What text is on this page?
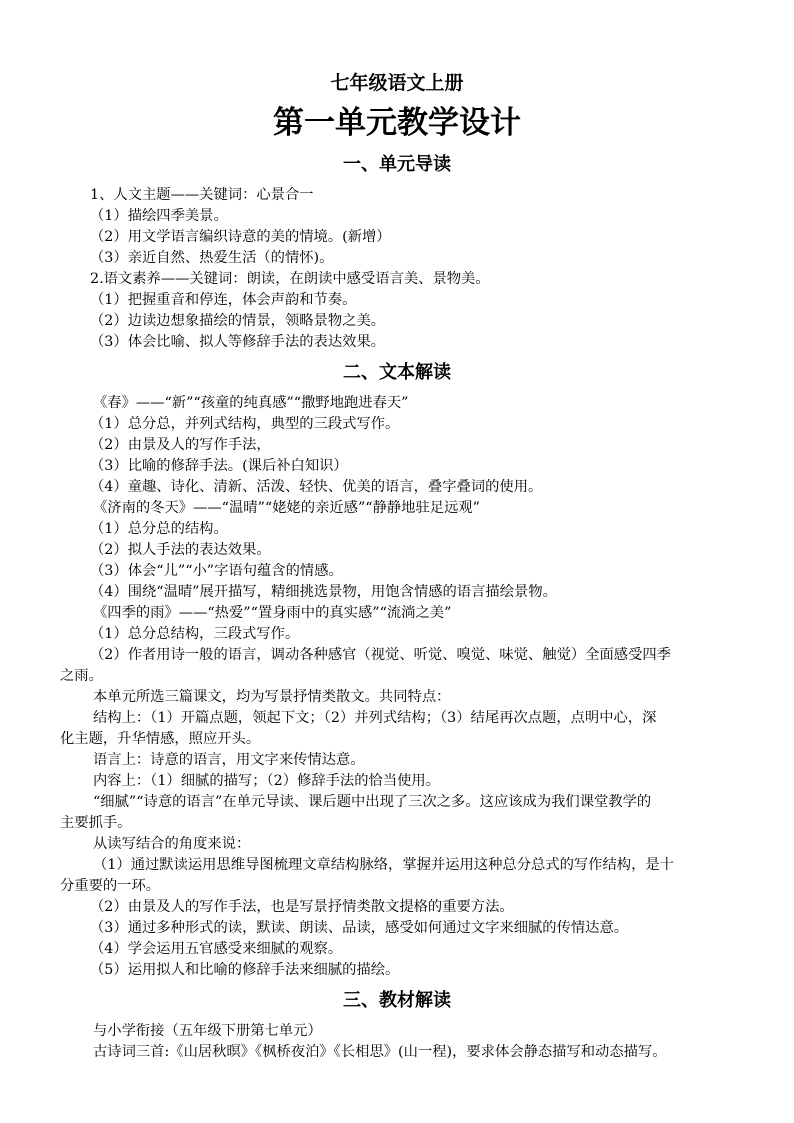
七年级语文上册
第一单元教学设计
一、单元导读
1、人文主题——关键词：心景合一
（1）描绘四季美景。
（2）用文学语言编织诗意的美的情境。(新增）
（3）亲近自然、热爱生活（的情怀)。
2.语文素养——关键词：朗读，在朗读中感受语言美、景物美。
（1）把握重音和停连，体会声韵和节奏。
（2）边读边想象描绘的情景，领略景物之美。
（3）体会比喻、拟人等修辞手法的表达效果。
二、文本解读
《春》——“新”“孩童的纯真感”“撒野地跑进春天”
（1）总分总，并列式结构，典型的三段式写作。
（2）由景及人的写作手法，
（3）比喻的修辞手法。(课后补白知识）
（4）童趣、诗化、清新、活泼、轻快、优美的语言，叠字叠词的使用。
《济南的冬天》——“温晴”“姥姥的亲近感”“静静地驻足远观”
（1）总分总的结构。
（2）拟人手法的表达效果。
（3）体会“儿”“小”字语句蕴含的情感。
（4）围绕“温晴”展开描写，精细挑选景物，用饱含情感的语言描绘景物。
《四季的雨》——“热爱”“置身雨中的真实感”“流淌之美”
（1）总分总结构，三段式写作。
（2）作者用诗一般的语言，调动各种感官（视觉、听觉、嗅觉、味觉、触觉）全面感受四季
之雨。
本单元所选三篇课文，均为写景抒情类散文。共同特点：
结构上：（1）开篇点题，领起下文；（2）并列式结构；（3）结尾再次点题，点明中心，深
化主题，升华情感，照应开头。
语言上：诗意的语言，用文字来传情达意。
内容上：（1）细腻的描写；（2）修辞手法的恰当使用。
“细腻”“诗意的语言”在单元导读、课后题中出现了三次之多。这应该成为我们课堂教学的
主要抓手。
从读写结合的角度来说：
（1）通过默读运用思维导图梳理文章结构脉络，掌握并运用这种总分总式的写作结构，是十
分重要的一环。
（2）由景及人的写作手法，也是写景抒情类散文提格的重要方法。
（3）通过多种形式的读，默读、朗读、品读，感受如何通过文字来细腻的传情达意。
（4）学会运用五官感受来细腻的观察。
（5）运用拟人和比喻的修辞手法来细腻的描绘。
三、教材解读
与小学衔接（五年级下册第七单元）
古诗词三首:《山居秋暝》《枫桥夜泊》《长相思》(山一程)，要求体会静态描写和动态描写。
